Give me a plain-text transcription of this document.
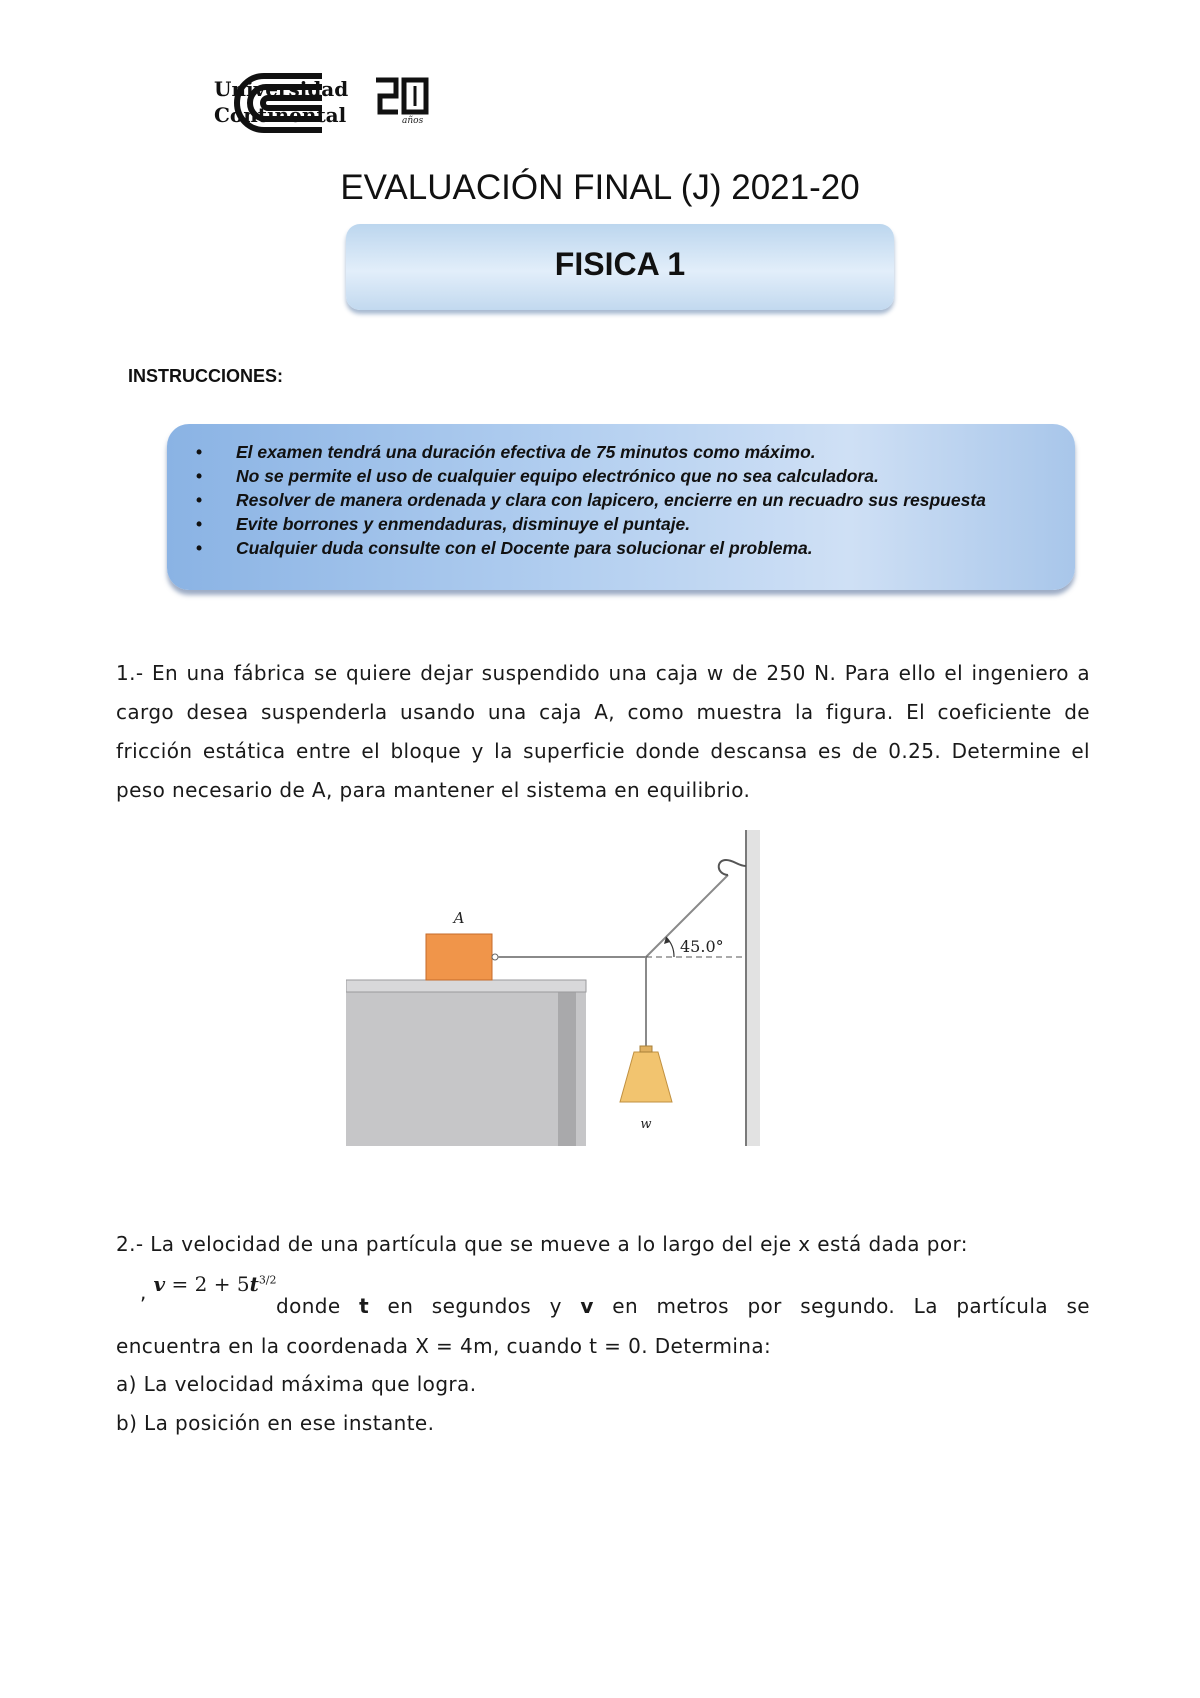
Universidad
Continental	años
EVALUACIÓN FINAL (J) 2021-20
FISICA 1
INSTRUCCIONES:
• El examen tendrá una duración efectiva de 75 minutos como máximo.
• No se permite el uso de cualquier equipo electrónico que no sea calculadora.
• Resolver de manera ordenada y clara con lapicero, encierre en un recuadro sus respuesta
• Evite borrones y enmendaduras, disminuye el puntaje.
• Cualquier duda consulte con el Docente para solucionar el problema.
1.- En una fábrica se quiere dejar suspendido una caja w de 250 N. Para ello el ingeniero a cargo desea suspenderla usando una caja A, como muestra la figura. El coeficiente de fricción estática entre el bloque y la superficie donde descansa es de 0.25. Determine el peso necesario de A, para mantener el sistema en equilibrio.
A
45.0°
w
2.- La velocidad de una partícula que se mueve a lo largo del eje x está dada por:
, $v = 2 + 5t^{3/2}$
donde t en segundos y v en metros por segundo. La partícula se
encuentra en la coordenada X = 4m, cuando t = 0. Determina:
a) La velocidad máxima que logra.
b) La posición en ese instante.
